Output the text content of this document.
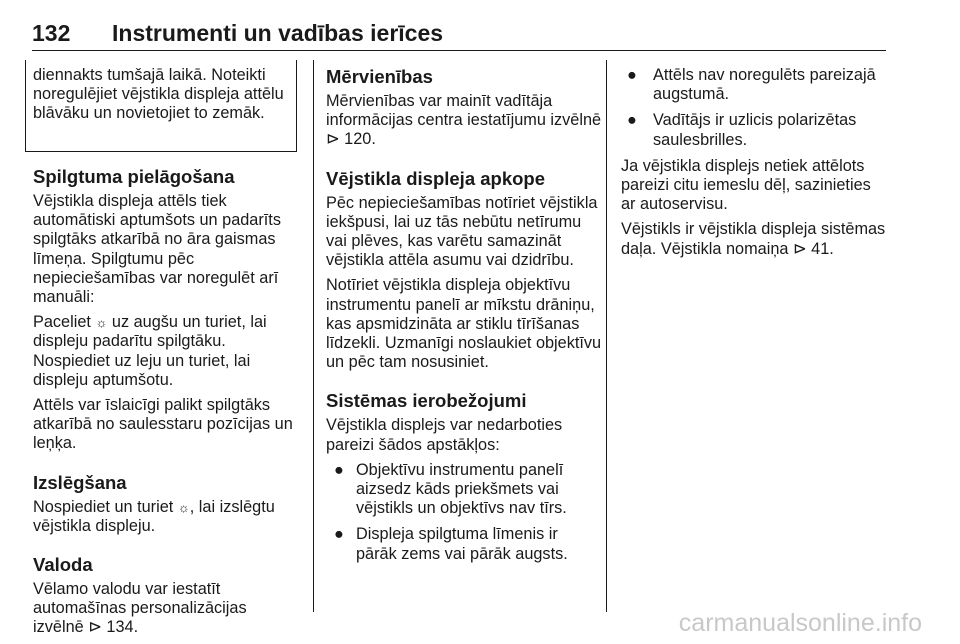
132	Instrumenti un vadības ierīces
diennakts tumšajā laikā. Noteikti noregulējiet vējstikla displeja attēlu blāvāku un novietojiet to zemāk.
Spilgtuma pielāgošana

Vējstikla displeja attēls tiek automātiski aptumšots un padarīts spilgtāks atkarībā no āra gaismas līmeņa. Spilgtumu pēc nepieciešamības var noregulēt arī manuāli:

Paceliet ☼ uz augšu un turiet, lai displeju padarītu spilgtāku.
Nospiediet uz leju un turiet, lai displeju aptumšotu.

Attēls var īslaicīgi palikt spilgtāks atkarībā no saulesstaru pozīcijas un leņķa.

Izslēgšana

Nospiediet un turiet ☼, lai izslēgtu vējstikla displeju.

Valoda

Vēlamo valodu var iestatīt automašīnas personalizācijas izvēlnē ⊳ 134.

Mērvienības

Mērvienības var mainīt vadītāja informācijas centra iestatījumu izvēlnē ⊳ 120.

Vējstikla displeja apkope

Pēc nepieciešamības notīriet vējstikla iekšpusi, lai uz tās nebūtu netīrumu vai plēves, kas varētu samazināt vējstikla attēla asumu vai dzidrību.

Notīriet vējstikla displeja objektīvu instrumentu panelī ar mīkstu drāniņu, kas apsmidzināta ar stiklu tīrīšanas līdzekli. Uzmanīgi noslaukiet objektīvu un pēc tam nosusiniet.

Sistēmas ierobežojumi

Vējstikla displejs var nedarboties pareizi šādos apstākļos:

● Objektīvu instrumentu panelī aizsedz kāds priekšmets vai vējstikls un objektīvs nav tīrs.
● Displeja spilgtuma līmenis ir pārāk zems vai pārāk augsts.
● Attēls nav noregulēts pareizajā augstumā.
● Vadītājs ir uzlicis polarizētas saulesbrilles.

Ja vējstikla displejs netiek attēlots pareizi citu iemeslu dēļ, sazinieties ar autoservisu.

Vējstikls ir vējstikla displeja sistēmas daļa. Vējstikla nomaiņa ⊳ 41.

carmanualsonline.info
